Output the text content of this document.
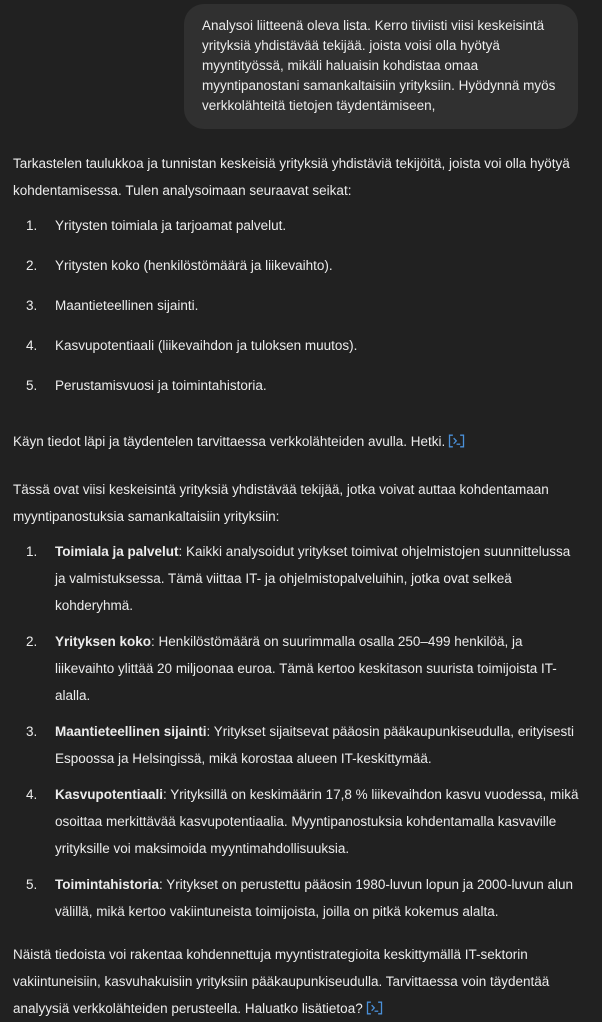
Analysoi liitteenä oleva lista. Kerro tiiviisti viisi keskeisintä yrityksiä yhdistävää tekijää. joista voisi olla hyötyä myyntityössä, mikäli haluaisin kohdistaa omaa myyntipanostani samankaltaisiin yrityksiin. Hyödynnä myös verkkolähteitä tietojen täydentämiseen,

Tarkastelen taulukkoa ja tunnistan keskeisiä yrityksiä yhdistäviä tekijöitä, joista voi olla hyötyä kohdentamisessa. Tulen analysoimaan seuraavat seikat:

Yritysten toimiala ja tarjoamat palvelut.
Yritysten koko (henkilöstömäärä ja liikevaihto).
Maantieteellinen sijainti.
Kasvupotentiaali (liikevaihdon ja tuloksen muutos).
Perustamisvuosi ja toimintahistoria.

Käyn tiedot läpi ja täydentelen tarvittaessa verkkolähteiden avulla. Hetki.

Tässä ovat viisi keskeisintä yrityksiä yhdistävää tekijää, jotka voivat auttaa kohdentamaan myyntipanostuksia samankaltaisiin yrityksiin:

Toimiala ja palvelut: Kaikki analysoidut yritykset toimivat ohjelmistojen suunnittelussa ja valmistuksessa. Tämä viittaa IT- ja ohjelmistopalveluihin, jotka ovat selkeä kohderyhmä.
Yrityksen koko: Henkilöstömäärä on suurimmalla osalla 250–499 henkilöä, ja liikevaihto ylittää 20 miljoonaa euroa. Tämä kertoo keskitason suurista toimijoista IT-alalla.
Maantieteellinen sijainti: Yritykset sijaitsevat pääosin pääkaupunkiseudulla, erityisesti Espoossa ja Helsingissä, mikä korostaa alueen IT-keskittymää.
Kasvupotentiaali: Yrityksillä on keskimäärin 17,8 % liikevaihdon kasvu vuodessa, mikä osoittaa merkittävää kasvupotentiaalia. Myyntipanostuksia kohdentamalla kasvaville yrityksille voi maksimoida myyntimahdollisuuksia.
Toimintahistoria: Yritykset on perustettu pääosin 1980-luvun lopun ja 2000-luvun alun välillä, mikä kertoo vakiintuneista toimijoista, joilla on pitkä kokemus alalta.

Näistä tiedoista voi rakentaa kohdennettuja myyntistrategioita keskittymällä IT-sektorin vakiintuneisiin, kasvuhakuisiin yrityksiin pääkaupunkiseudulla. Tarvittaessa voin täydentää analyysiä verkkolähteiden perusteella. Haluatko lisätietoa?
